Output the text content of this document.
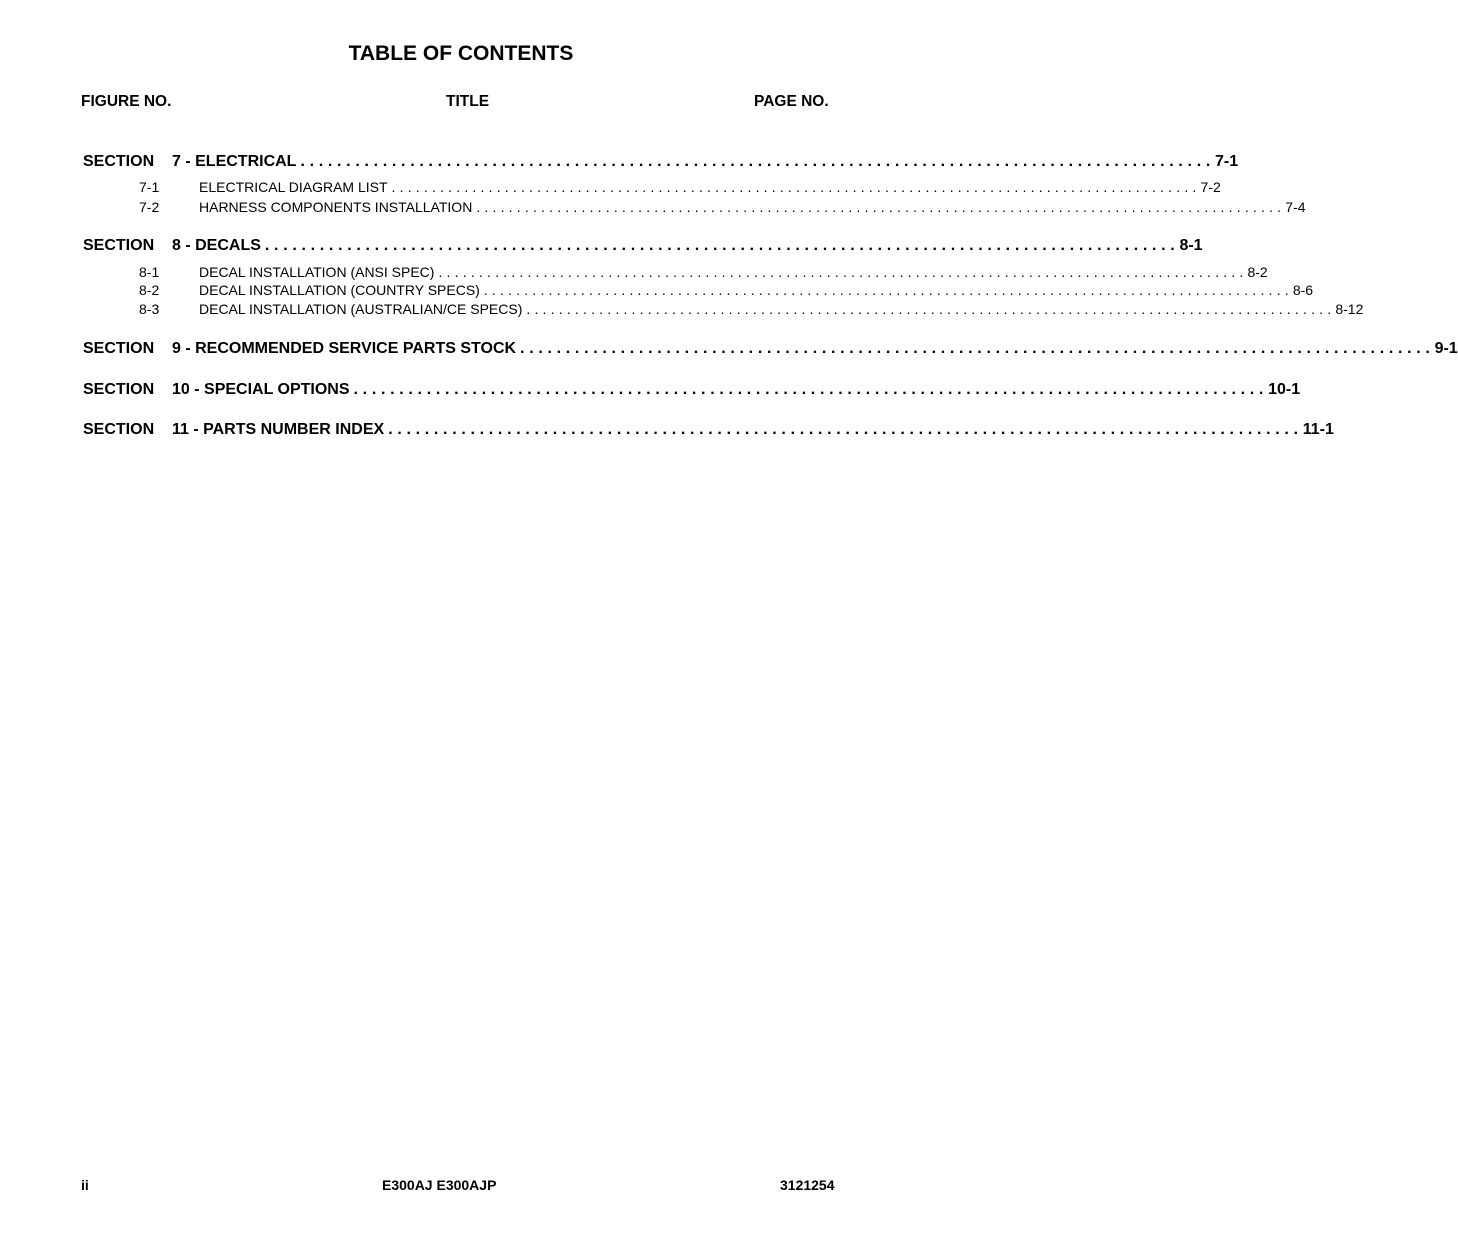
TABLE OF CONTENTS
FIGURE NO.	TITLE	PAGE NO.
SECTION 7 - ELECTRICAL .................................................................................................... 7-1
7-1	ELECTRICAL DIAGRAM LIST .................................................................................................... 7-2
7-2	HARNESS COMPONENTS INSTALLATION .................................................................................................... 7-4
SECTION 8 - DECALS .................................................................................................... 8-1
8-1	DECAL INSTALLATION (ANSI SPEC) .................................................................................................... 8-2
8-2	DECAL INSTALLATION (COUNTRY SPECS) .................................................................................................... 8-6
8-3	DECAL INSTALLATION (AUSTRALIAN/CE SPECS) .................................................................................................... 8-12
SECTION 9 - RECOMMENDED SERVICE PARTS STOCK .................................................................................................... 9-1
SECTION 10 - SPECIAL OPTIONS .................................................................................................... 10-1
SECTION 11 - PARTS NUMBER INDEX .................................................................................................... 11-1
ii	E300AJ E300AJP	3121254
